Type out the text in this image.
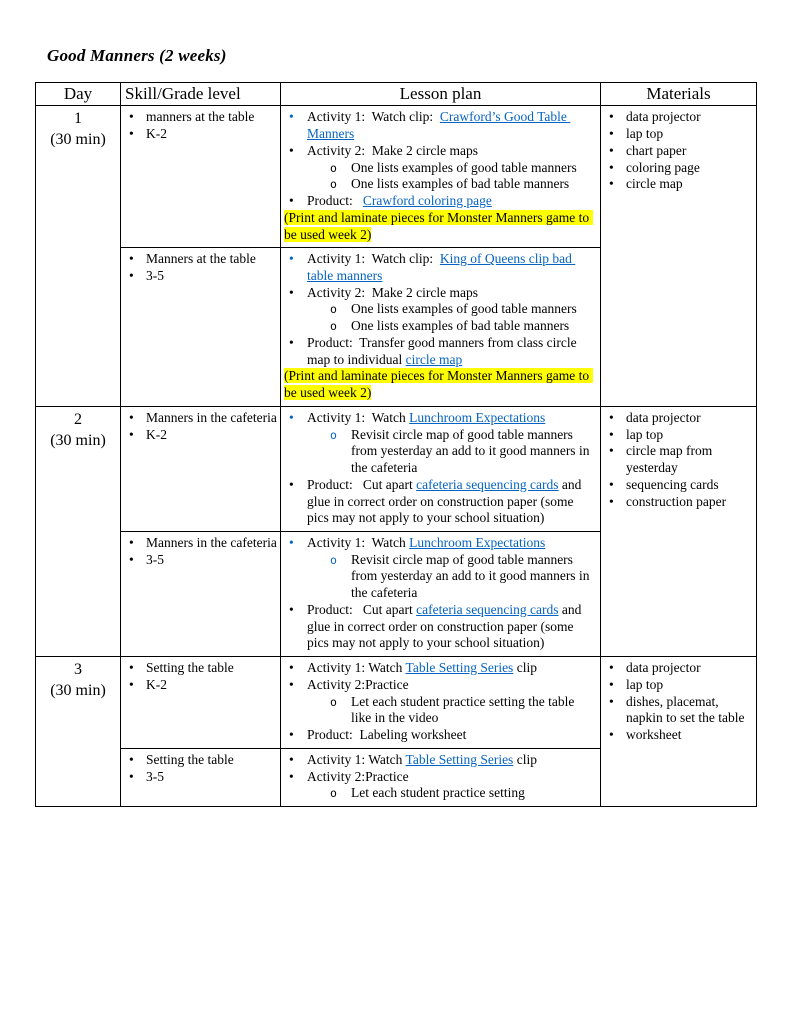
Good Manners (2 weeks)
Day	Skill/Grade level	Lesson plan	Materials

1
(30 min)

• manners at the table
• K-2

• Activity 1:  Watch clip:  Crawford’s Good Table Manners
• Activity 2:  Make 2 circle maps
o	One lists examples of good table manners
o	One lists examples of bad table manners
• Product:   Crawford coloring page
(Print and laminate pieces for Monster Manners game to be used week 2)

• data projector
• lap top
• chart paper
• coloring page
• circle map

• Manners at the table
• 3-5

• Activity 1:  Watch clip:  King of Queens clip bad table manners
• Activity 2:  Make 2 circle maps
o	One lists examples of good table manners
o	One lists examples of bad table manners
• Product:  Transfer good manners from class circle map to individual circle map
(Print and laminate pieces for Monster Manners game to be used week 2)

2
(30 min)

• Manners in the cafeteria
• K-2

• Activity 1:  Watch Lunchroom Expectations
o	Revisit circle map of good table manners from yesterday an add to it good manners in the cafeteria
• Product:   Cut apart cafeteria sequencing cards and glue in correct order on construction paper (some pics may not apply to your school situation)

• data projector
• lap top
• circle map from yesterday
• sequencing cards
• construction paper

• Manners in the cafeteria
• 3-5

• Activity 1:  Watch Lunchroom Expectations
o	Revisit circle map of good table manners from yesterday an add to it good manners in the cafeteria
• Product:   Cut apart cafeteria sequencing cards and glue in correct order on construction paper (some pics may not apply to your school situation)

3
(30 min)

• Setting the table
• K-2

• Activity 1: Watch Table Setting Series clip
• Activity 2:Practice
o	Let each student practice setting the table like in the video
• Product:  Labeling worksheet

• data projector
• lap top
• dishes, placemat, napkin to set the table
• worksheet

• Setting the table
• 3-5

• Activity 1: Watch Table Setting Series clip
• Activity 2:Practice
o	Let each student practice setting
